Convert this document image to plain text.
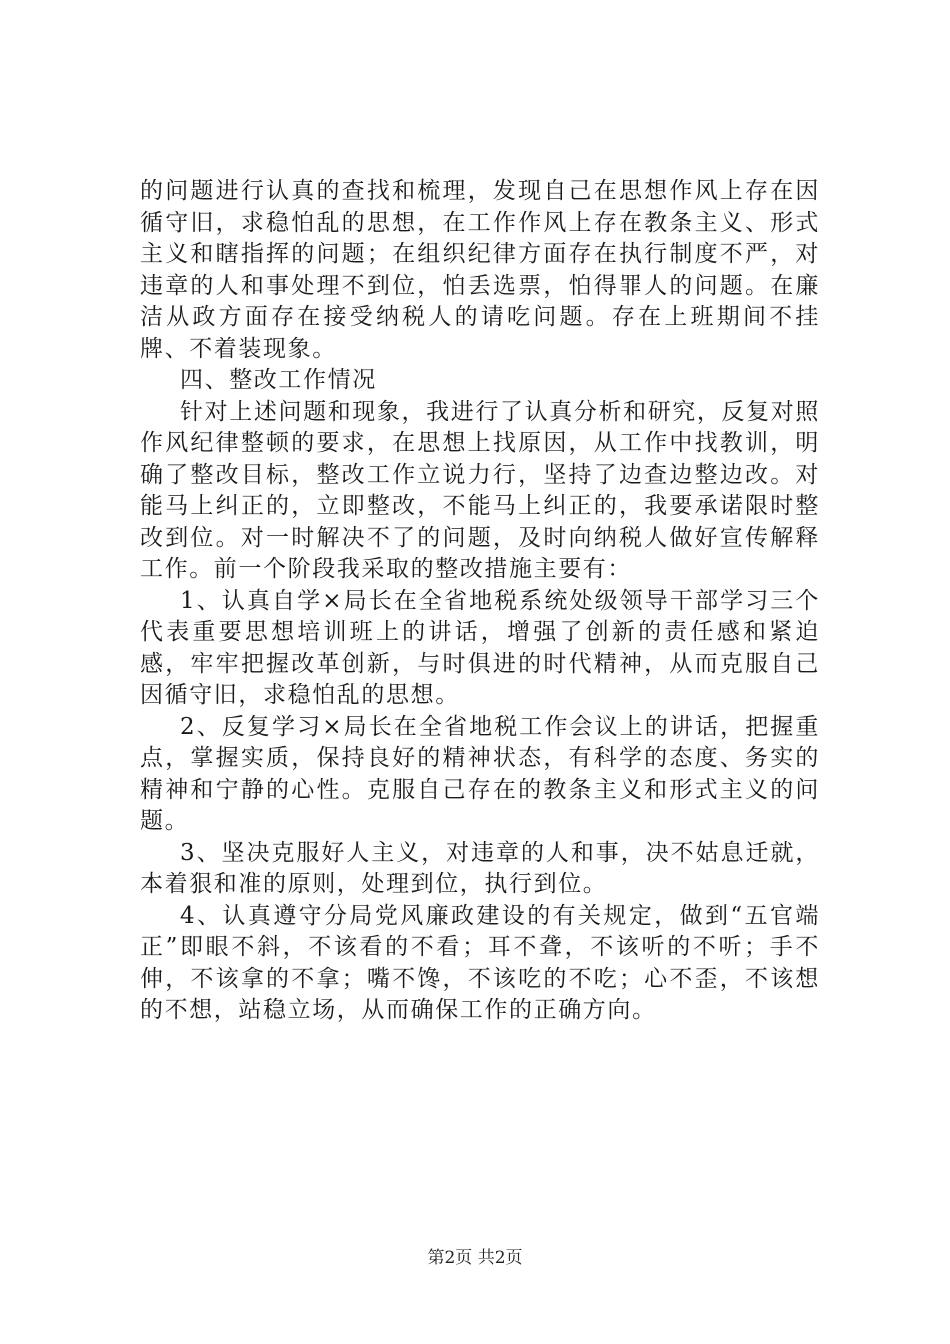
的问题进行认真的查找和梳理，发现自己在思想作风上存在因循守旧，求稳怕乱的思想，在工作作风上存在教条主义、形式主义和瞎指挥的问题；在组织纪律方面存在执行制度不严，对违章的人和事处理不到位，怕丢选票，怕得罪人的问题。在廉洁从政方面存在接受纳税人的请吃问题。存在上班期间不挂牌、不着装现象。

四、整改工作情况

针对上述问题和现象，我进行了认真分析和研究，反复对照作风纪律整顿的要求，在思想上找原因，从工作中找教训，明确了整改目标，整改工作立说力行，坚持了边查边整边改。对能马上纠正的，立即整改，不能马上纠正的，我要承诺限时整改到位。对一时解决不了的问题，及时向纳税人做好宣传解释工作。前一个阶段我采取的整改措施主要有：

1、认真自学×局长在全省地税系统处级领导干部学习三个代表重要思想培训班上的讲话，增强了创新的责任感和紧迫感，牢牢把握改革创新，与时俱进的时代精神，从而克服自己因循守旧，求稳怕乱的思想。

2、反复学习×局长在全省地税工作会议上的讲话，把握重点，掌握实质，保持良好的精神状态，有科学的态度、务实的精神和宁静的心性。克服自己存在的教条主义和形式主义的问题。

3、坚决克服好人主义，对违章的人和事，决不姑息迁就，本着狠和准的原则，处理到位，执行到位。

4、认真遵守分局党风廉政建设的有关规定，做到“五官端正”即眼不斜，不该看的不看；耳不聋，不该听的不听；手不伸，不该拿的不拿；嘴不馋，不该吃的不吃；心不歪，不该想的不想，站稳立场，从而确保工作的正确方向。

第2页 共2页
